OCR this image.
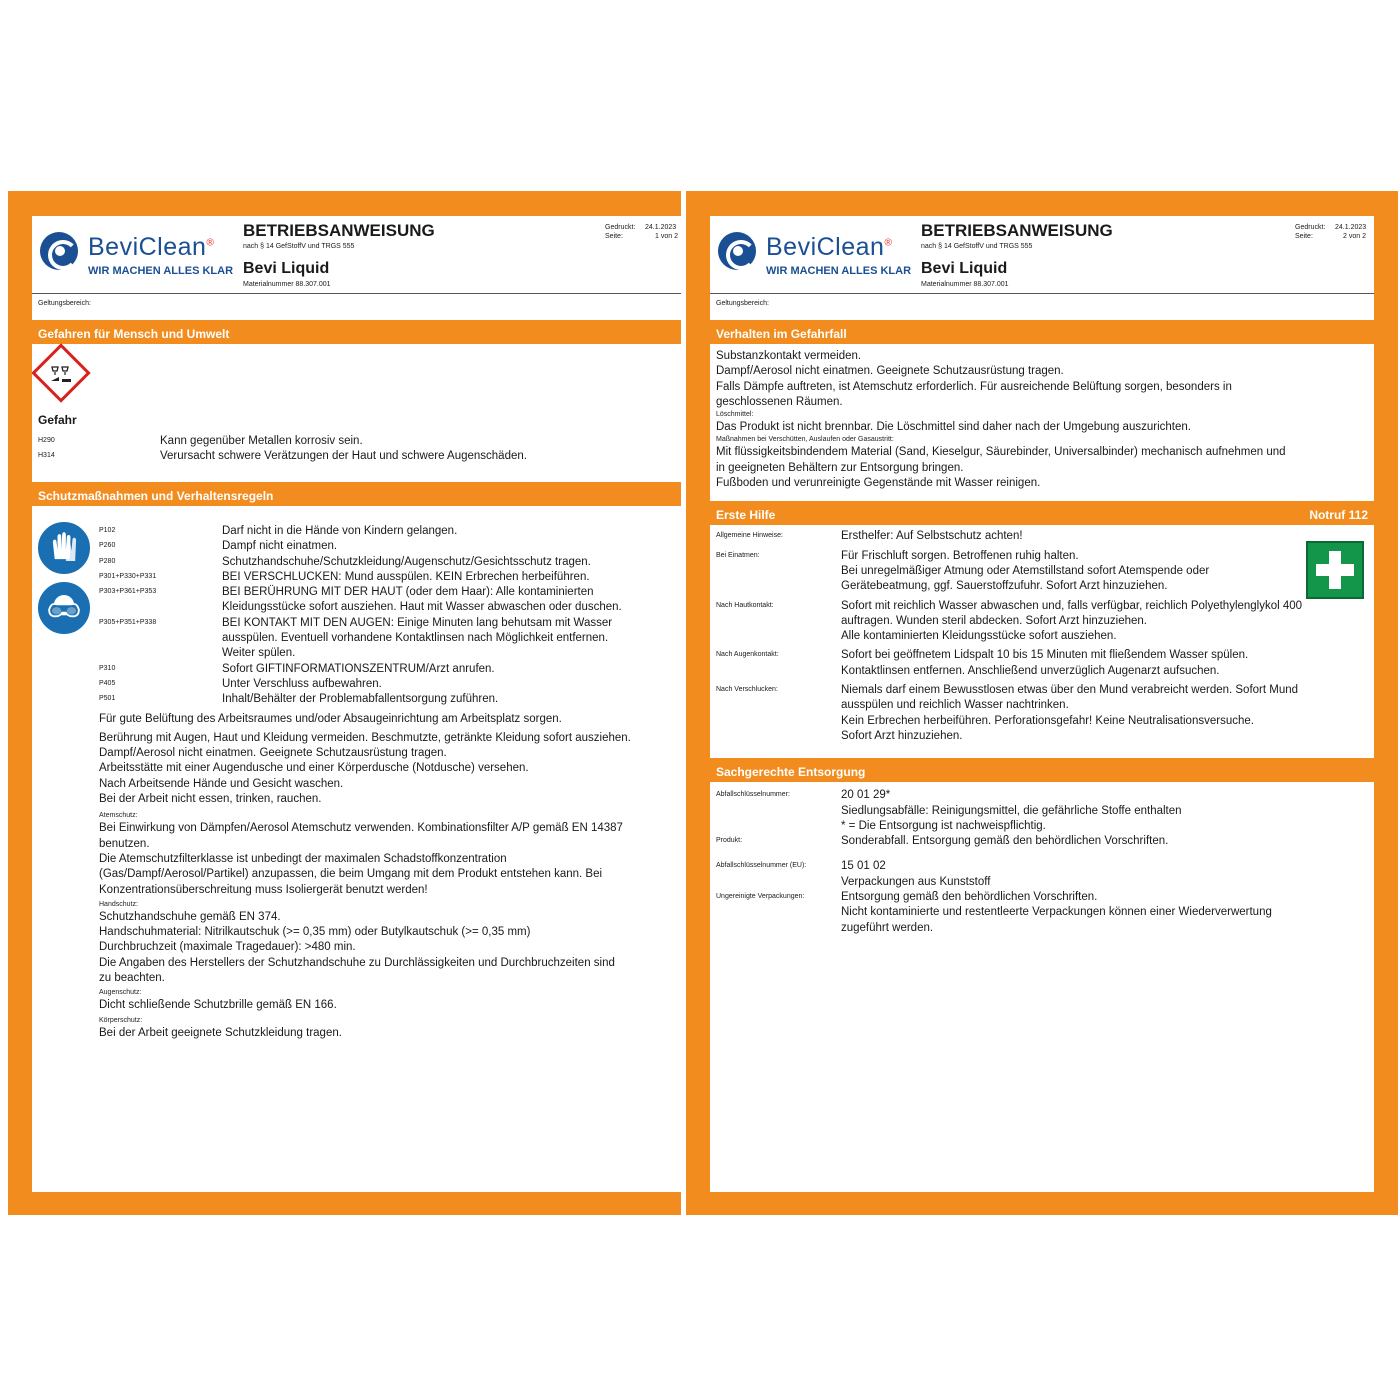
BeviClean®
WIR MACHEN ALLES KLAR
BETRIEBSANWEISUNG
nach § 14 GefStoffV und TRGS 555
Bevi Liquid
Materialnummer 88.307.001
Gedruckt: 24.1.2023
Seite:	1 von 2
Geltungsbereich:
Gefahren für Mensch und Umwelt
Gefahr
H290	Kann gegenüber Metallen korrosiv sein.
H314	Verursacht schwere Verätzungen der Haut und schwere Augenschäden.
Schutzmaßnahmen und Verhaltensregeln
P102	Darf nicht in die Hände von Kindern gelangen.
P260	Dampf nicht einatmen.
P280	Schutzhandschuhe/Schutzkleidung/Augenschutz/Gesichtsschutz tragen.
P301+P330+P331	BEI VERSCHLUCKEN: Mund ausspülen. KEIN Erbrechen herbeiführen.
P303+P361+P353	BEI BERÜHRUNG MIT DER HAUT (oder dem Haar): Alle kontaminierten
Kleidungsstücke sofort ausziehen. Haut mit Wasser abwaschen oder duschen.
P305+P351+P338	BEI KONTAKT MIT DEN AUGEN: Einige Minuten lang behutsam mit Wasser
ausspülen. Eventuell vorhandene Kontaktlinsen nach Möglichkeit entfernen.
Weiter spülen.
P310	Sofort GIFTINFORMATIONSZENTRUM/Arzt anrufen.
P405	Unter Verschluss aufbewahren.
P501	Inhalt/Behälter der Problemabfallentsorgung zuführen.
Für gute Belüftung des Arbeitsraumes und/oder Absaugeinrichtung am Arbeitsplatz sorgen.
Berührung mit Augen, Haut und Kleidung vermeiden. Beschmutzte, getränkte Kleidung sofort ausziehen.
Dampf/Aerosol nicht einatmen. Geeignete Schutzausrüstung tragen.
Arbeitsstätte mit einer Augendusche und einer Körperdusche (Notdusche) versehen.
Nach Arbeitsende Hände und Gesicht waschen.
Bei der Arbeit nicht essen, trinken, rauchen.
Atemschutz:
Bei Einwirkung von Dämpfen/Aerosol Atemschutz verwenden. Kombinationsfilter A/P gemäß EN 14387
benutzen.
Die Atemschutzfilterklasse ist unbedingt der maximalen Schadstoffkonzentration
(Gas/Dampf/Aerosol/Partikel) anzupassen, die beim Umgang mit dem Produkt entstehen kann. Bei
Konzentrationsüberschreitung muss Isoliergerät benutzt werden!
Handschutz:
Schutzhandschuhe gemäß EN 374.
Handschuhmaterial: Nitrilkautschuk (>= 0,35 mm) oder Butylkautschuk (>= 0,35 mm)
Durchbruchzeit (maximale Tragedauer): >480 min.
Die Angaben des Herstellers der Schutzhandschuhe zu Durchlässigkeiten und Durchbruchzeiten sind
zu beachten.
Augenschutz:
Dicht schließende Schutzbrille gemäß EN 166.
Körperschutz:
Bei der Arbeit geeignete Schutzkleidung tragen.
BeviClean®
WIR MACHEN ALLES KLAR
BETRIEBSANWEISUNG
nach § 14 GefStoffV und TRGS 555
Bevi Liquid
Materialnummer 88.307.001
Gedruckt: 24.1.2023
Seite:	2 von 2
Geltungsbereich:
Verhalten im Gefahrfall
Substanzkontakt vermeiden.
Dampf/Aerosol nicht einatmen. Geeignete Schutzausrüstung tragen.
Falls Dämpfe auftreten, ist Atemschutz erforderlich. Für ausreichende Belüftung sorgen, besonders in
geschlossenen Räumen.
Löschmittel:
Das Produkt ist nicht brennbar. Die Löschmittel sind daher nach der Umgebung auszurichten.
Maßnahmen bei Verschütten, Auslaufen oder Gasaustritt:
Mit flüssigkeitsbindendem Material (Sand, Kieselgur, Säurebinder, Universalbinder) mechanisch aufnehmen und
in geeigneten Behältern zur Entsorgung bringen.
Fußboden und verunreinigte Gegenstände mit Wasser reinigen.
Erste Hilfe	Notruf 112
Allgemeine Hinweise:	Ersthelfer: Auf Selbstschutz achten!
Bei Einatmen:	Für Frischluft sorgen. Betroffenen ruhig halten.
Bei unregelmäßiger Atmung oder Atemstillstand sofort Atemspende oder
Gerätebeatmung, ggf. Sauerstoffzufuhr. Sofort Arzt hinzuziehen.
Nach Hautkontakt:	Sofort mit reichlich Wasser abwaschen und, falls verfügbar, reichlich Polyethylenglykol 400
auftragen. Wunden steril abdecken. Sofort Arzt hinzuziehen.
Alle kontaminierten Kleidungsstücke sofort ausziehen.
Nach Augenkontakt:	Sofort bei geöffnetem Lidspalt 10 bis 15 Minuten mit fließendem Wasser spülen.
Kontaktlinsen entfernen. Anschließend unverzüglich Augenarzt aufsuchen.
Nach Verschlucken:	Niemals darf einem Bewusstlosen etwas über den Mund verabreicht werden. Sofort Mund
ausspülen und reichlich Wasser nachtrinken.
Kein Erbrechen herbeiführen. Perforationsgefahr! Keine Neutralisationsversuche.
Sofort Arzt hinzuziehen.
Sachgerechte Entsorgung
Abfallschlüsselnummer:	20 01 29*
Siedlungsabfälle: Reinigungsmittel, die gefährliche Stoffe enthalten
* = Die Entsorgung ist nachweispflichtig.
Produkt:	Sonderabfall. Entsorgung gemäß den behördlichen Vorschriften.
Abfallschlüsselnummer (EU):	15 01 02
Verpackungen aus Kunststoff
Ungereinigte Verpackungen:	Entsorgung gemäß den behördlichen Vorschriften.
Nicht kontaminierte und restentleerte Verpackungen können einer Wiederverwertung
zugeführt werden.
